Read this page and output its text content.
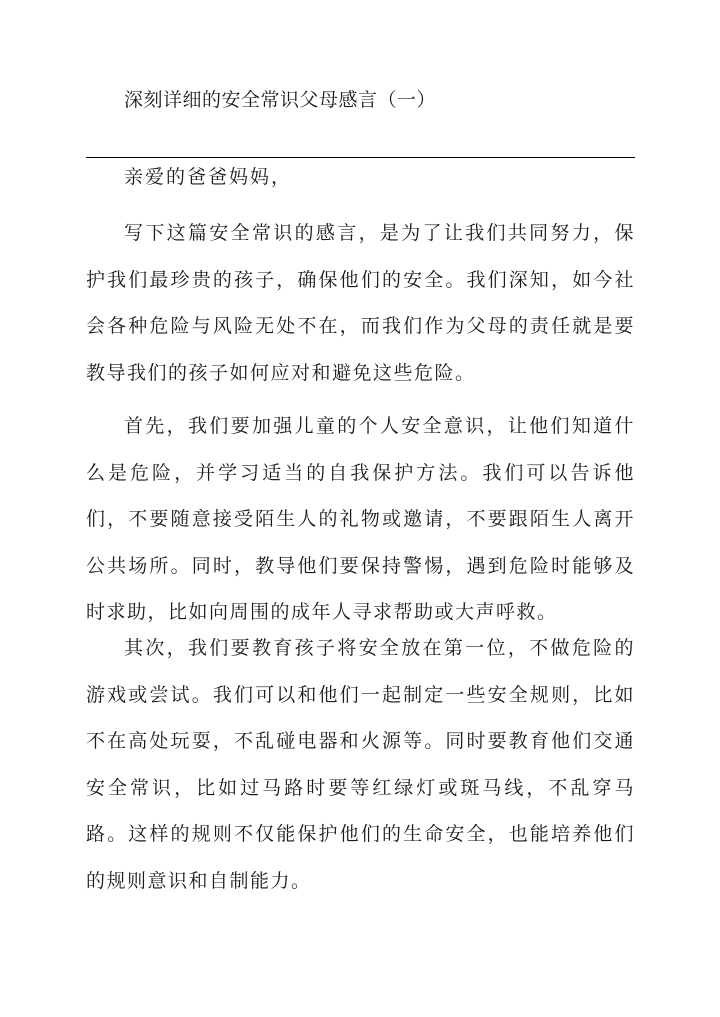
深刻详细的安全常识父母感言（一）
亲爱的爸爸妈妈，

写下这篇安全常识的感言，是为了让我们共同努力，保护我们最珍贵的孩子，确保他们的安全。我们深知，如今社会各种危险与风险无处不在，而我们作为父母的责任就是要教导我们的孩子如何应对和避免这些危险。

首先，我们要加强儿童的个人安全意识，让他们知道什么是危险，并学习适当的自我保护方法。我们可以告诉他们，不要随意接受陌生人的礼物或邀请，不要跟陌生人离开公共场所。同时，教导他们要保持警惕，遇到危险时能够及时求助，比如向周围的成年人寻求帮助或大声呼救。

其次，我们要教育孩子将安全放在第一位，不做危险的游戏或尝试。我们可以和他们一起制定一些安全规则，比如不在高处玩耍，不乱碰电器和火源等。同时要教育他们交通安全常识，比如过马路时要等红绿灯或斑马线，不乱穿马路。这样的规则不仅能保护他们的生命安全，也能培养他们的规则意识和自制能力。
